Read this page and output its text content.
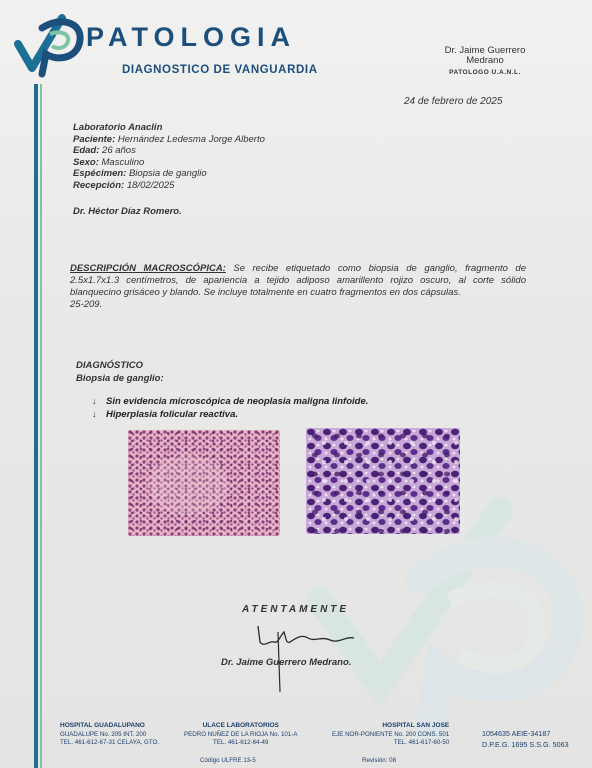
PATOLOGIA
DIAGNOSTICO DE VANGUARDIA
Dr. Jaime Guerrero
Medrano
PATOLOGO U.A.N.L.
24 de febrero de 2025
Laboratorio Anaclin
Paciente: Hernández Ledesma Jorge Alberto
Edad: 26 años
Sexo: Masculino
Espécimen: Biopsia de ganglio
Recepción: 18/02/2025
Dr. Héctor Díaz Romero.
DESCRIPCIÓN MACROSCÓPICA: Se recibe etiquetado como biopsia de ganglio, fragmento de 2.5x1.7x1.3 centímetros, de apariencia a tejido adiposo amarillento rojizo oscuro, al corte sólido blanquecino grisáceo y blando. Se incluye totalmente en cuatro fragmentos en dos cápsulas.
25-209.
DIAGNÓSTICO
Biopsia de ganglio:
↓	Sin evidencia microscópica de neoplasia maligna linfoide.
↓	Hiperplasia folicular reactiva.
ATENTAMENTE
Dr. Jaime Guerrero Medrano.
HOSPITAL GUADALUPANO
GUADALUPE No. 205 INT. 200
TEL. 461-612-67-31 CELAYA, GTO.
ULACE LABORATORIOS
PEDRO NUÑEZ DE LA RIOJA No. 101-A
TEL. 461-612-64-49
HOSPITAL SAN JOSE
EJE NOR-PONIENTE No. 200 CONS. 501
TEL. 461-617-60-50
1054635 AEIE-34187
D.P.E.G. 1695 S.S.G. 5063
Código ULFRE 13-5	Revisión: 08
